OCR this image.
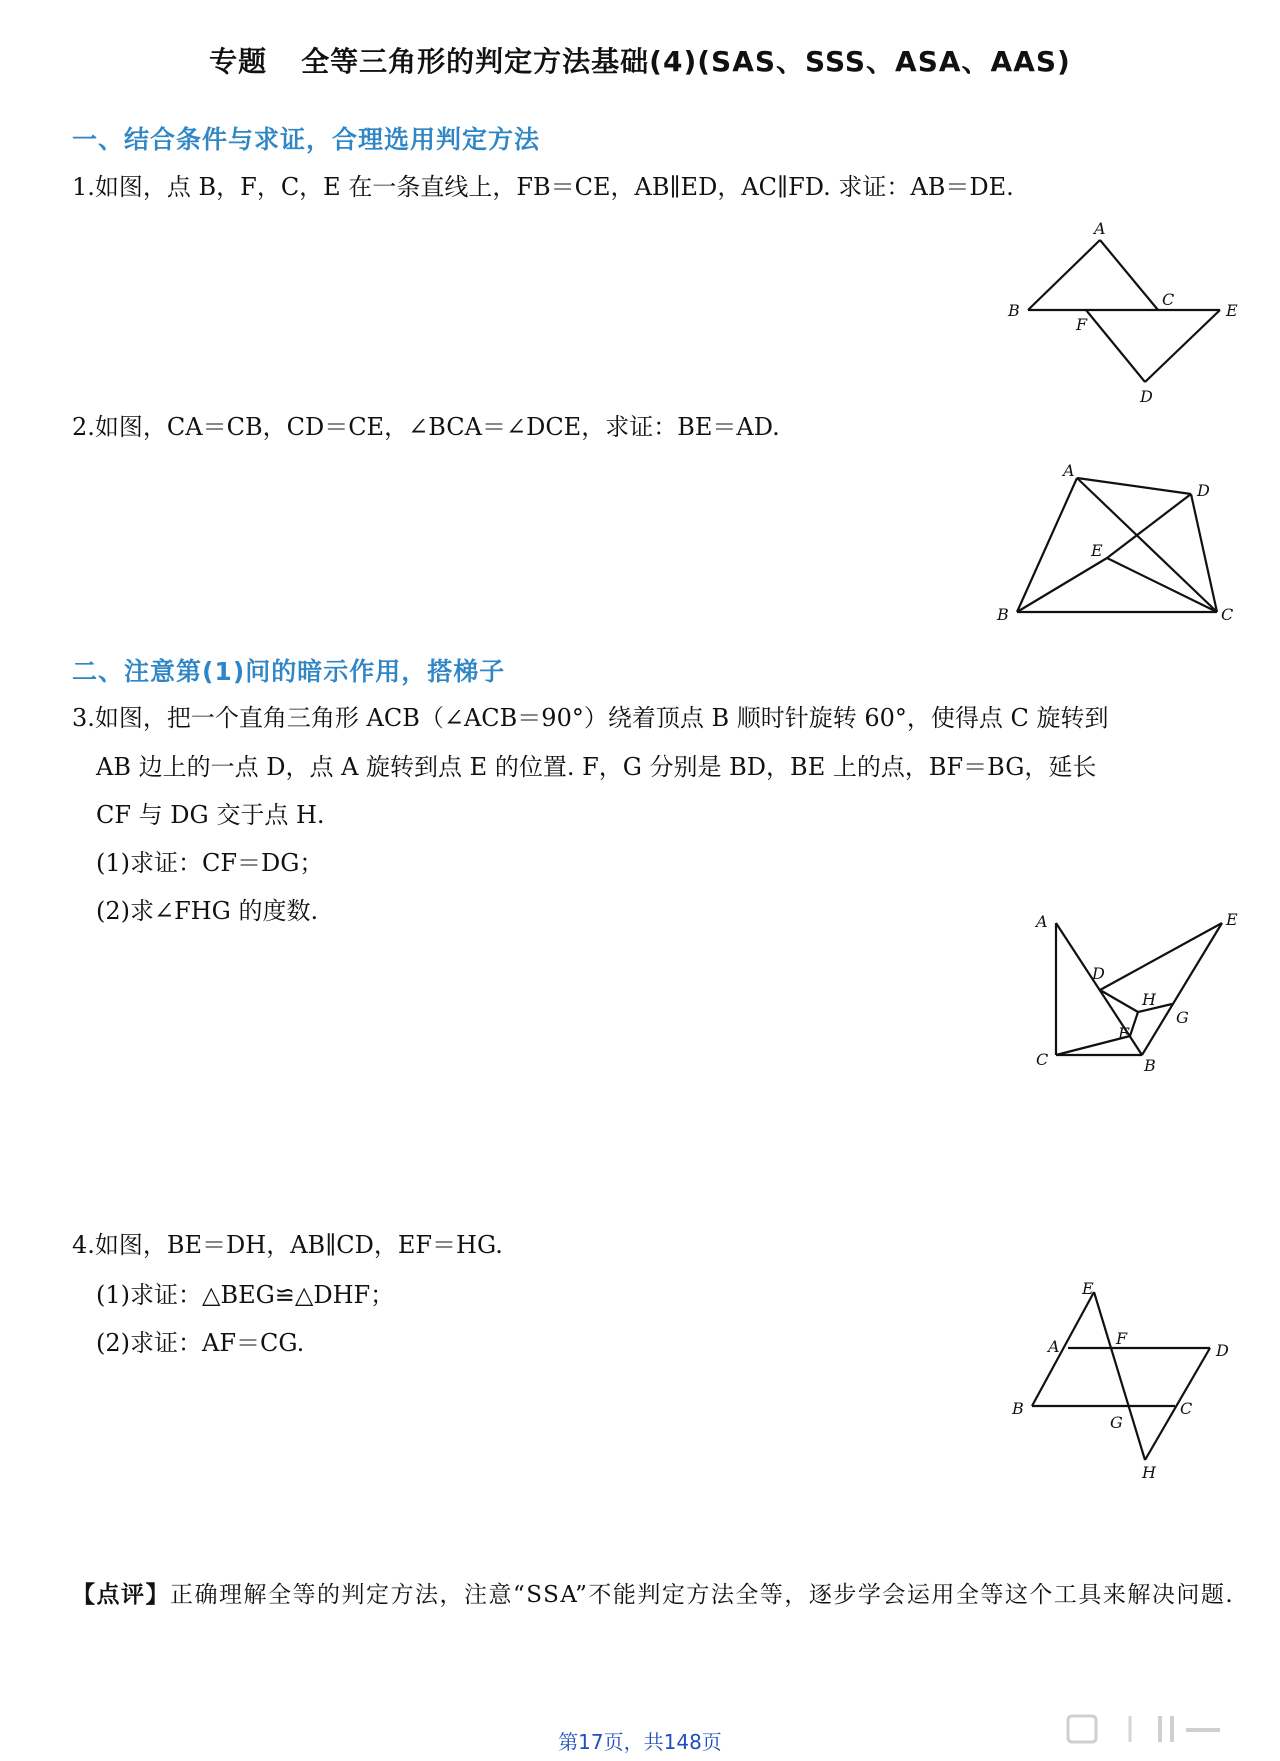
专题 全等三角形的判定方法基础(4)(SAS、SSS、ASA、AAS)
一、结合条件与求证，合理选用判定方法
1.如图，点 B，F，C，E 在一条直线上，FB＝CE，AB∥ED，AC∥FD. 求证：AB＝DE.
A
B
C
D
E
F
2.如图，CA＝CB，CD＝CE，∠BCA＝∠DCE，求证：BE＝AD.
A
B	C
D
E
二、注意第(1)问的暗示作用，搭梯子
3.如图，把一个直角三角形 ACB（∠ACB＝90°）绕着顶点 B 顺时针旋转 60°，使得点 C 旋转到
AB 边上的一点 D，点 A 旋转到点 E 的位置. F，G 分别是 BD，BE 上的点，BF＝BG，延长
CF 与 DG 交于点 H.
(1)求证：CF＝DG；
(2)求∠FHG 的度数.	A
B
C
D
E
F
G
H
4.如图，BE＝DH，AB∥CD，EF＝HG.
(1)求证：△BEG≌△DHF；
(2)求证：AF＝CG.
E
A	F
D
B
G
C
H
【点评】正确理解全等的判定方法，注意“SSA”不能判定方法全等，逐步学会运用全等这个工具来解决问题.
第17页，共148页
